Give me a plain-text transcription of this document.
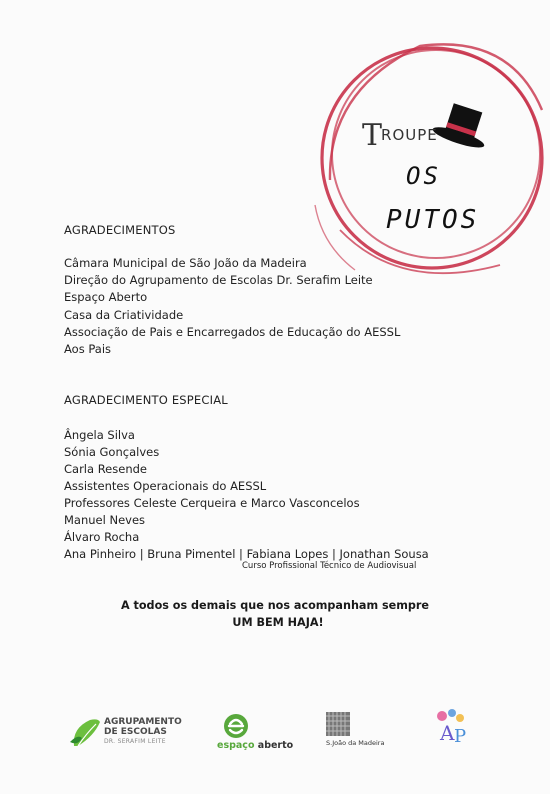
TROUPE
OS
PUTOS
AGRADECIMENTOS
Câmara Municipal de São João da Madeira
Direção do Agrupamento de Escolas Dr. Serafim Leite
Espaço Aberto
Casa da Criatividade
Associação de Pais e Encarregados de Educação do AESSL
Aos Pais
AGRADECIMENTO ESPECIAL
Ângela Silva
Sónia Gonçalves
Carla Resende
Assistentes Operacionais do AESSL
Professores Celeste Cerqueira e Marco Vasconcelos
Manuel Neves
Álvaro Rocha
Ana Pinheiro | Bruna Pimentel | Fabiana Lopes | Jonathan Sousa
Curso Profissional Técnico de Audiovisual
A todos os demais que nos acompanham sempre
UM BEM HAJA!
AGRUPAMENTO
DE ESCOLAS
DR. SERAFIM LEITE	espaço aberto	S.João da Madeira	A P
